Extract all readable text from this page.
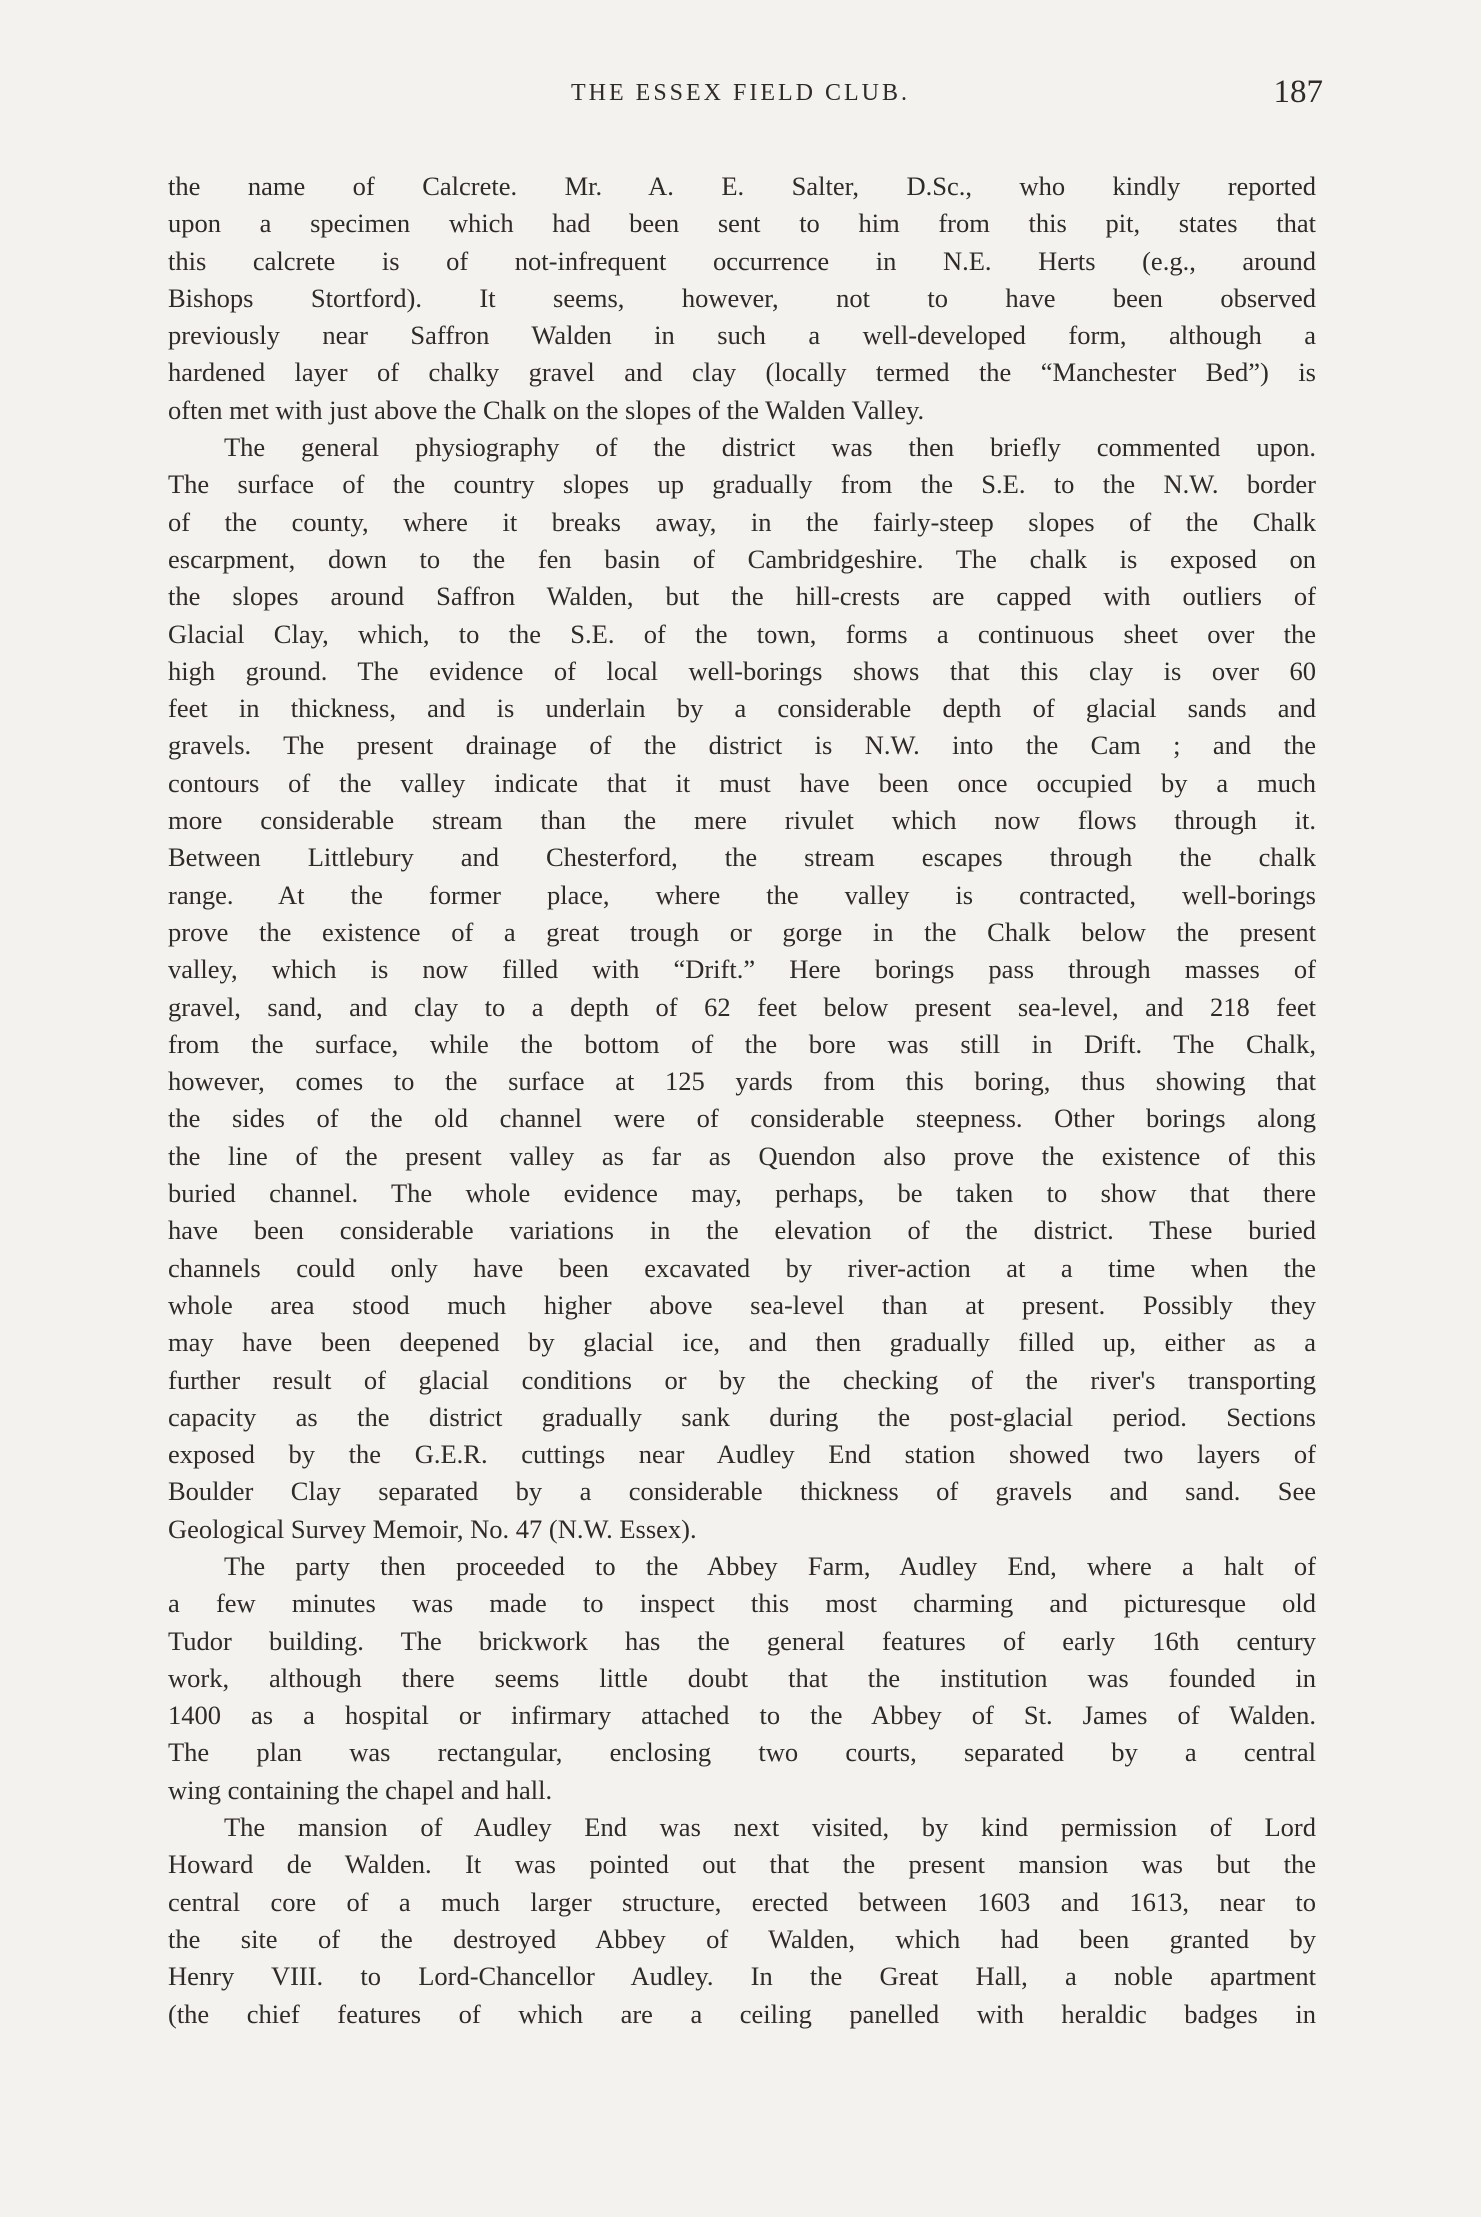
THE ESSEX FIELD CLUB.	187
the name of Calcrete. Mr. A. E. Salter, D.Sc., who kindly reported
upon a specimen which had been sent to him from this pit, states that
this calcrete is of not-infrequent occurrence in N.E. Herts (e.g., around
Bishops Stortford). It seems, however, not to have been observed
previously near Saffron Walden in such a well-developed form, although a
hardened layer of chalky gravel and clay (locally termed the “Manchester Bed”) is
often met with just above the Chalk on the slopes of the Walden Valley.
The general physiography of the district was then briefly commented upon.
The surface of the country slopes up gradually from the S.E. to the N.W. border
of the county, where it breaks away, in the fairly-steep slopes of the Chalk
escarpment, down to the fen basin of Cambridgeshire. The chalk is exposed on
the slopes around Saffron Walden, but the hill-crests are capped with outliers of
Glacial Clay, which, to the S.E. of the town, forms a continuous sheet over the
high ground. The evidence of local well-borings shows that this clay is over 60
feet in thickness, and is underlain by a considerable depth of glacial sands and
gravels. The present drainage of the district is N.W. into the Cam ; and the
contours of the valley indicate that it must have been once occupied by a much
more considerable stream than the mere rivulet which now flows through it.
Between Littlebury and Chesterford, the stream escapes through the chalk
range. At the former place, where the valley is contracted, well-borings
prove the existence of a great trough or gorge in the Chalk below the present
valley, which is now filled with “Drift.” Here borings pass through masses of
gravel, sand, and clay to a depth of 62 feet below present sea-level, and 218 feet
from the surface, while the bottom of the bore was still in Drift. The Chalk,
however, comes to the surface at 125 yards from this boring, thus showing that
the sides of the old channel were of considerable steepness. Other borings along
the line of the present valley as far as Quendon also prove the existence of this
buried channel. The whole evidence may, perhaps, be taken to show that there
have been considerable variations in the elevation of the district. These buried
channels could only have been excavated by river-action at a time when the
whole area stood much higher above sea-level than at present. Possibly they
may have been deepened by glacial ice, and then gradually filled up, either as a
further result of glacial conditions or by the checking of the river's transporting
capacity as the district gradually sank during the post-glacial period. Sections
exposed by the G.E.R. cuttings near Audley End station showed two layers of
Boulder Clay separated by a considerable thickness of gravels and sand. See
Geological Survey Memoir, No. 47 (N.W. Essex).
The party then proceeded to the Abbey Farm, Audley End, where a halt of
a few minutes was made to inspect this most charming and picturesque old
Tudor building. The brickwork has the general features of early 16th century
work, although there seems little doubt that the institution was founded in
1400 as a hospital or infirmary attached to the Abbey of St. James of Walden.
The plan was rectangular, enclosing two courts, separated by a central
wing containing the chapel and hall.
The mansion of Audley End was next visited, by kind permission of Lord
Howard de Walden. It was pointed out that the present mansion was but the
central core of a much larger structure, erected between 1603 and 1613, near to
the site of the destroyed Abbey of Walden, which had been granted by
Henry VIII. to Lord-Chancellor Audley. In the Great Hall, a noble apartment
(the chief features of which are a ceiling panelled with heraldic badges in
